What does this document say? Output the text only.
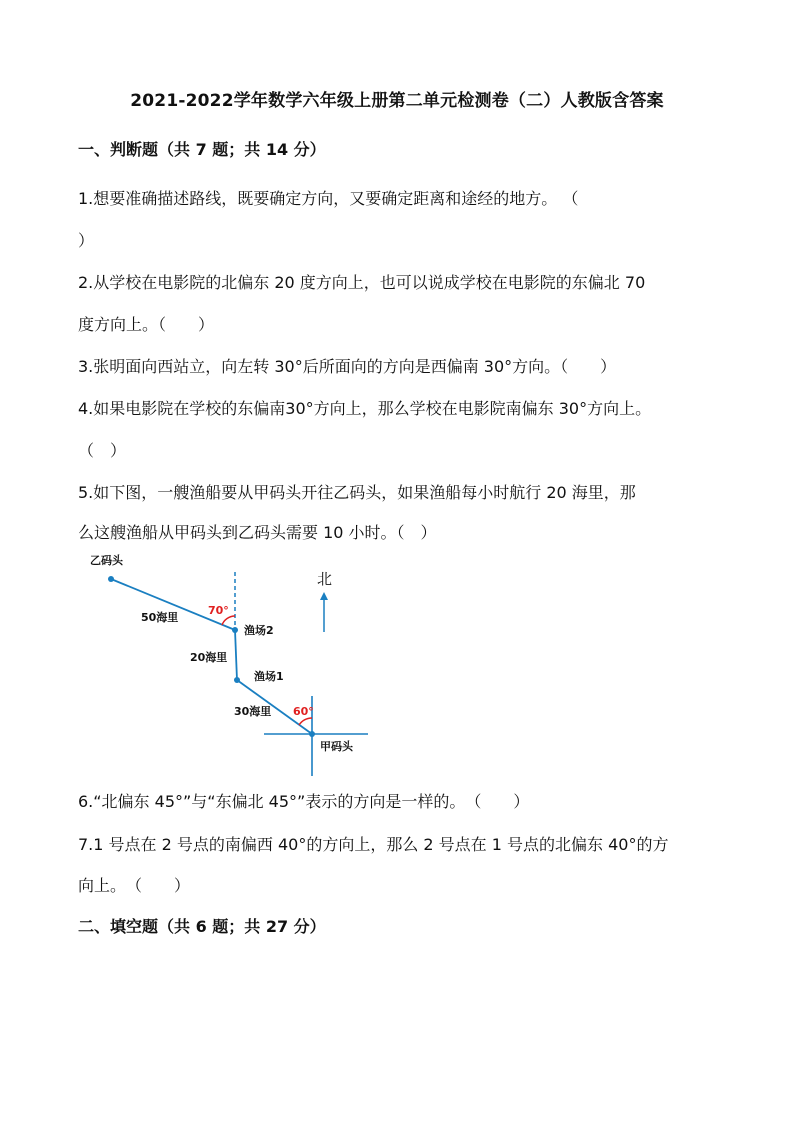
2021-2022学年数学六年级上册第二单元检测卷（二）人教版含答案
一、判断题（共 7 题；共 14 分）
1.想要准确描述路线，既要确定方向，又要确定距离和途经的地方。 （
）
2.从学校在电影院的北偏东 20 度方向上，也可以说成学校在电影院的东偏北 70
度方向上。（　　）
3.张明面向西站立，向左转 30°后所面向的方向是西偏南 30°方向。（　　）
4.如果电影院在学校的东偏南30°方向上，那么学校在电影院南偏东 30°方向上。
（　）
5.如下图，一艘渔船要从甲码头开往乙码头，如果渔船每小时航行 20 海里，那
么这艘渔船从甲码头到乙码头需要 10 小时。（　）
乙码头
50海里
70°
渔场2
20海里
渔场1
30海里 60°
甲码头
北
6.“北偏东 45°”与“东偏北 45°”表示的方向是一样的。　（　　）
7.1 号点在 2 号点的南偏西 40°的方向上，那么 2 号点在 1 号点的北偏东 40°的方
向上。　（　　）
二、填空题（共 6 题；共 27 分）
